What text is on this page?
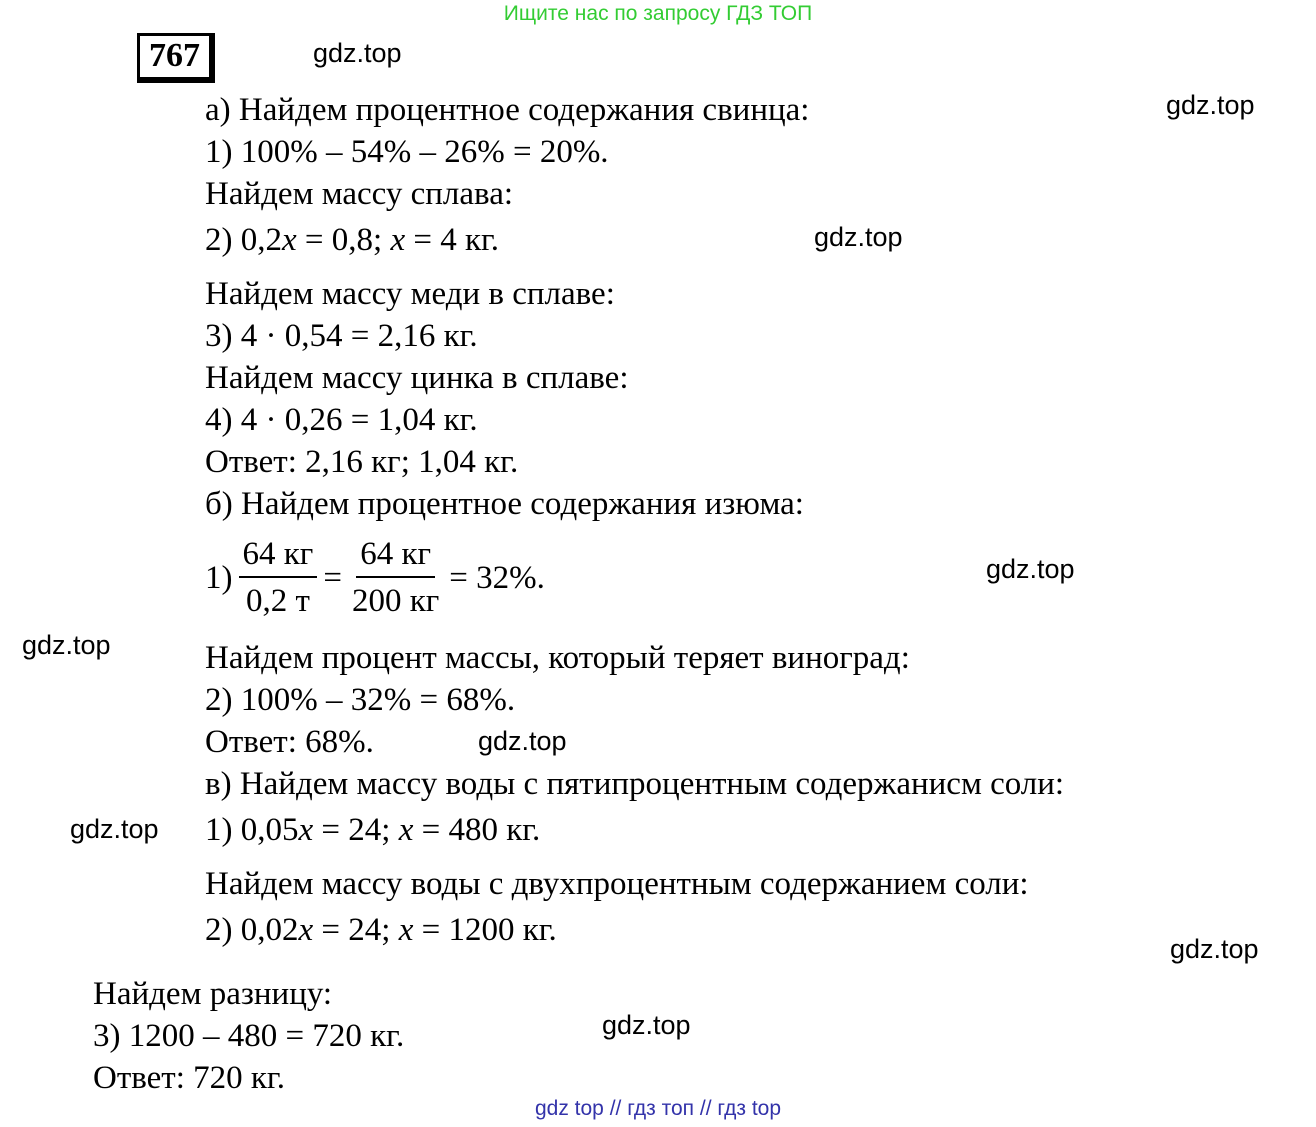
Ищите нас по запросу ГДЗ ТОП
767	gdz.top
gdz.top
gdz.top
gdz.top
gdz.top
gdz.top
gdz.top
gdz.top
gdz.top
а) Найдем процентное содержания свинца:
1) 100% – 54% – 26% = 20%.
Найдем массу сплава:
2) 0,2x = 0,8; x = 4 кг.
Найдем массу меди в сплаве:
3) 4 · 0,54 = 2,16 кг.
Найдем массу цинка в сплаве:
4) 4 · 0,26 = 1,04 кг.
Ответ: 2,16 кг; 1,04 кг.
б) Найдем процентное содержания изюма:
$1) \frac{64 кг}{0,2 т} = \frac{64 кг}{200 кг} = 32\%$.
Найдем процент массы, который теряет виноград:
2) 100% – 32% = 68%.
Ответ: 68%.
в) Найдем массу воды с пятипроцентным содержанисм соли:
1) 0,05x = 24; x = 480 кг.
Найдем массу воды с двухпроцентным содержанием соли:
2) 0,02x = 24; x = 1200 кг.
Найдем разницу:
3) 1200 – 480 = 720 кг.
Ответ: 720 кг.
gdz top // гдз топ // гдз top
